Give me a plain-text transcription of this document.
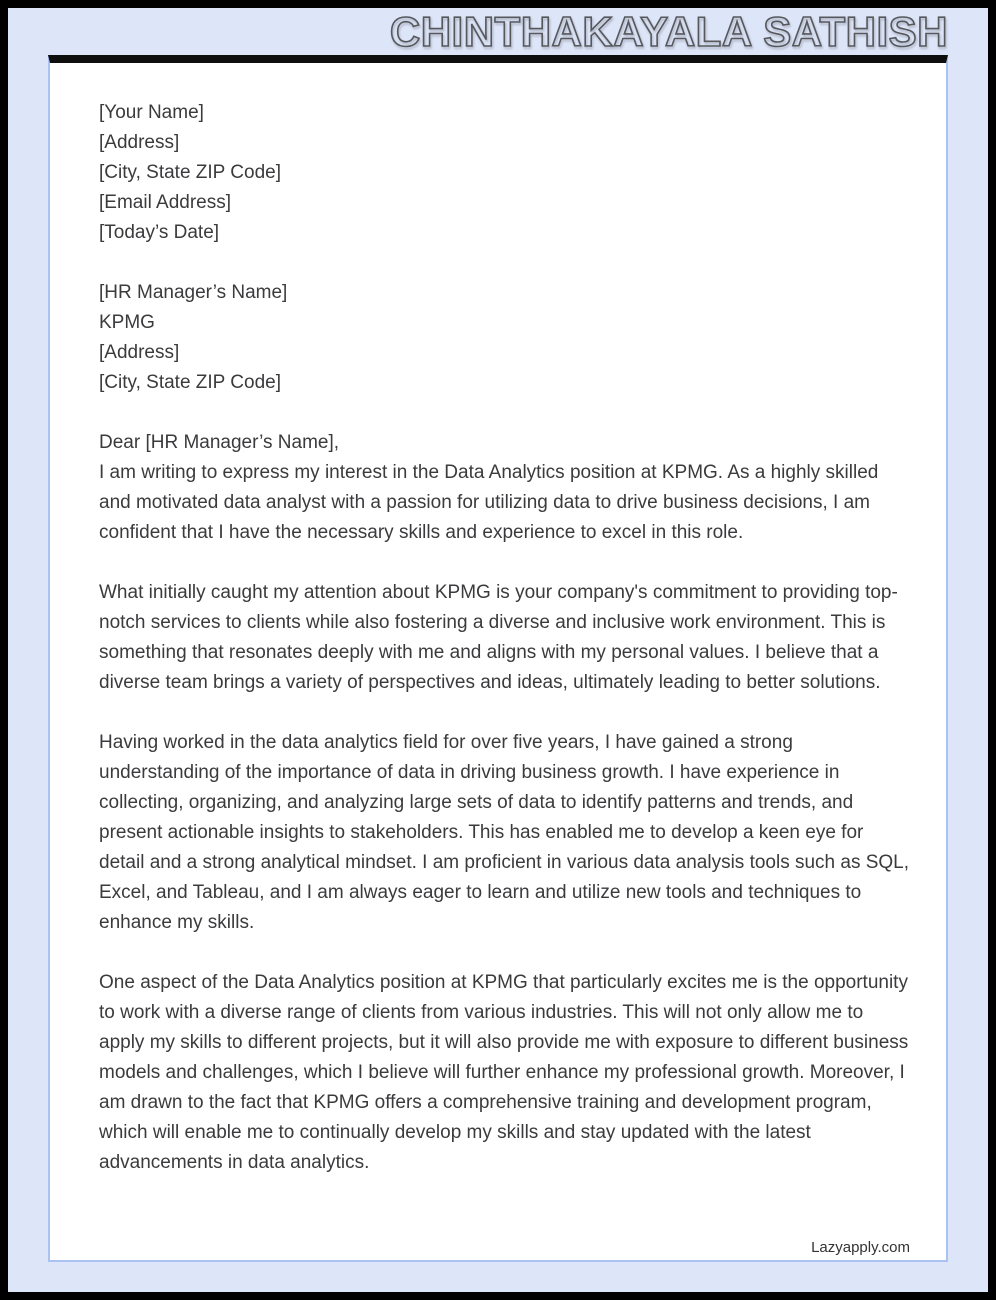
CHINTHAKAYALA SATHISH

[Your Name]

[Address]

[City, State ZIP Code]

[Email Address]

[Today’s Date]

[HR Manager’s Name]

KPMG

[Address]

[City, State ZIP Code]

Dear [HR Manager’s Name],

I am writing to express my interest in the Data Analytics position at KPMG. As a highly skilled and motivated data analyst with a passion for utilizing data to drive business decisions, I am confident that I have the necessary skills and experience to excel in this role.

What initially caught my attention about KPMG is your company's commitment to providing top-notch services to clients while also fostering a diverse and inclusive work environment. This is something that resonates deeply with me and aligns with my personal values. I believe that a diverse team brings a variety of perspectives and ideas, ultimately leading to better solutions.

Having worked in the data analytics field for over five years, I have gained a strong understanding of the importance of data in driving business growth. I have experience in collecting, organizing, and analyzing large sets of data to identify patterns and trends, and present actionable insights to stakeholders. This has enabled me to develop a keen eye for detail and a strong analytical mindset. I am proficient in various data analysis tools such as SQL, Excel, and Tableau, and I am always eager to learn and utilize new tools and techniques to enhance my skills.

One aspect of the Data Analytics position at KPMG that particularly excites me is the opportunity to work with a diverse range of clients from various industries. This will not only allow me to apply my skills to different projects, but it will also provide me with exposure to different business models and challenges, which I believe will further enhance my professional growth. Moreover, I am drawn to the fact that KPMG offers a comprehensive training and development program, which will enable me to continually develop my skills and stay updated with the latest advancements in data analytics.

Lazyapply.com
